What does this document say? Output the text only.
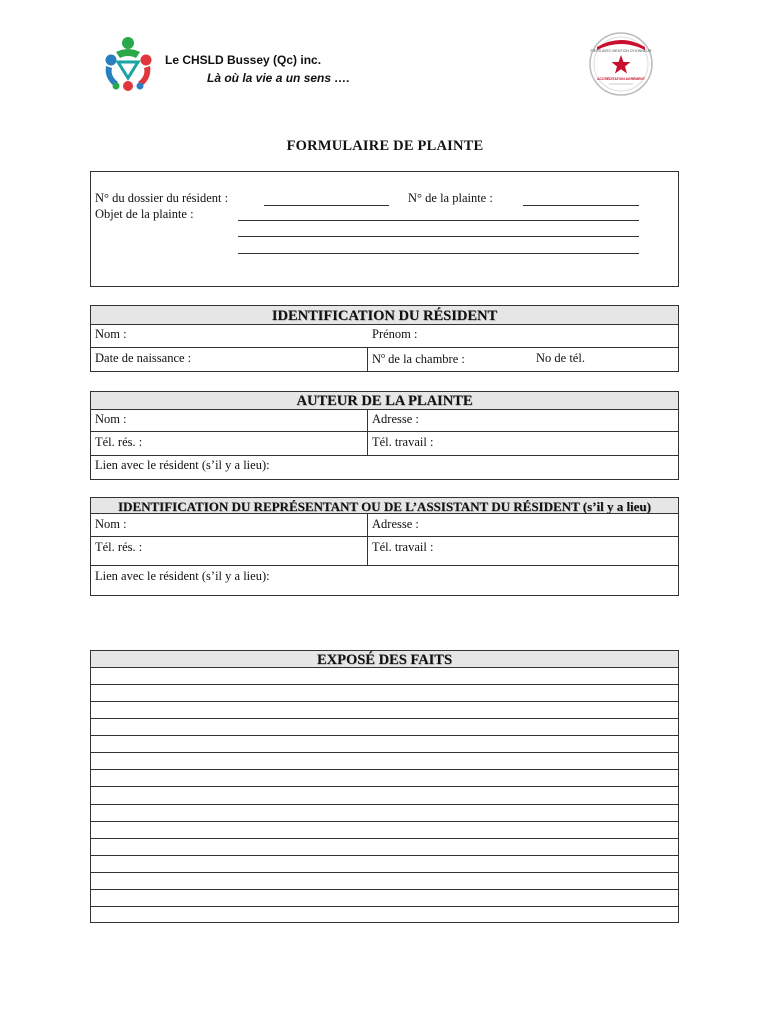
Le CHSLD Bussey (Qc) inc.
Là où la vie a un sens ….
FIERS AVEC MENTION D'HONNEUR
ACCRÉDITATION AGRÉMENT
FORMULAIRE DE PLAINTE
N° du dossier du résident :	N° de la plainte :
Objet de la plainte :
IDENTIFICATION DU RÉSIDENT
Nom :	Prénom :
Date de naissance :	$N^o$ de la chambre :	No de tél.
AUTEUR DE LA PLAINTE
Nom :	Adresse :
Tél. rés. :	Tél. travail :
Lien avec le résident (s’il y a lieu):
IDENTIFICATION DU REPRÉSENTANT OU DE L’ASSISTANT DU RÉSIDENT (s’il y a lieu)
Nom :	Adresse :
Tél. rés. :	Tél. travail :
Lien avec le résident (s’il y a lieu):
EXPOSÉ DES FAITS
